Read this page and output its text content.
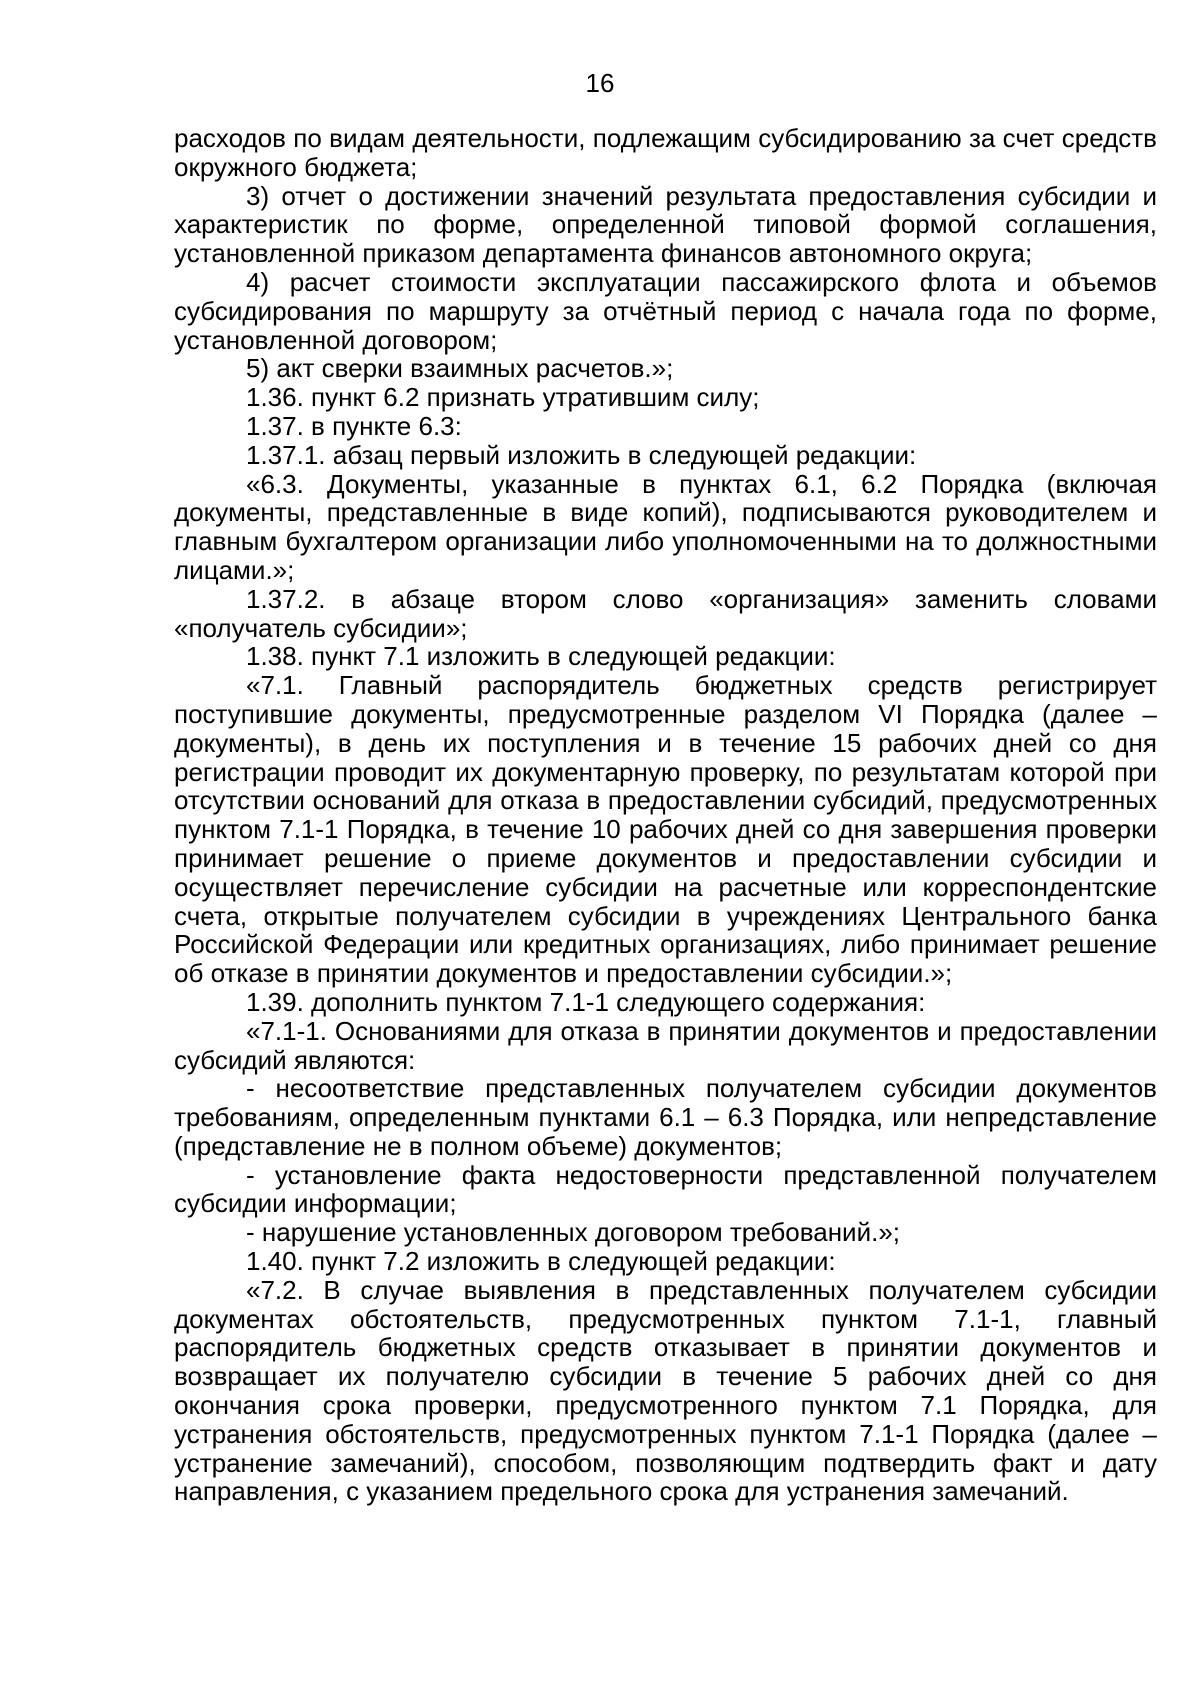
16

расходов по видам деятельности, подлежащим субсидированию за счет средств окружного бюджета;

3) отчет о достижении значений результата предоставления субсидии и характеристик по форме, определенной типовой формой соглашения, установленной приказом департамента финансов автономного округа;

4) расчет стоимости эксплуатации пассажирского флота и объемов субсидирования по маршруту за отчётный период с начала года по форме, установленной договором;

5) акт сверки взаимных расчетов.»;

1.36. пункт 6.2 признать утратившим силу;

1.37. в пункте 6.3:

1.37.1. абзац первый изложить в следующей редакции:

«6.3. Документы, указанные в пунктах 6.1, 6.2 Порядка (включая документы, представленные в виде копий), подписываются руководителем и главным бухгалтером организации либо уполномоченными на то должностными лицами.»;

1.37.2. в абзаце втором слово «организация» заменить словами «получатель субсидии»;

1.38. пункт 7.1 изложить в следующей редакции:

«7.1. Главный распорядитель бюджетных средств регистрирует поступившие документы, предусмотренные разделом VI Порядка (далее – документы), в день их поступления и в течение 15 рабочих дней со дня регистрации проводит их документарную проверку, по результатам которой при отсутствии оснований для отказа в предоставлении субсидий, предусмотренных пунктом 7.1-1 Порядка, в течение 10 рабочих дней со дня завершения проверки принимает решение о приеме документов и предоставлении субсидии и осуществляет перечисление субсидии на расчетные или корреспондентские счета, открытые получателем субсидии в учреждениях Центрального банка Российской Федерации или кредитных организациях, либо принимает решение об отказе в принятии документов и предоставлении субсидии.»;

1.39. дополнить пунктом 7.1-1 следующего содержания:

«7.1-1. Основаниями для отказа в принятии документов и предоставлении субсидий являются:

- несоответствие представленных получателем субсидии документов требованиям, определенным пунктами 6.1 – 6.3 Порядка, или непредставление (представление не в полном объеме) документов;

- установление факта недостоверности представленной получателем субсидии информации;

- нарушение установленных договором требований.»;

1.40. пункт 7.2 изложить в следующей редакции:

«7.2. В случае выявления в представленных получателем субсидии документах обстоятельств, предусмотренных пунктом 7.1-1, главный распорядитель бюджетных средств отказывает в принятии документов и возвращает их получателю субсидии в течение 5 рабочих дней со дня окончания срока проверки, предусмотренного пунктом 7.1 Порядка, для устранения обстоятельств, предусмотренных пунктом 7.1-1 Порядка (далее – устранение замечаний), способом, позволяющим подтвердить факт и дату направления, с указанием предельного срока для устранения замечаний.
